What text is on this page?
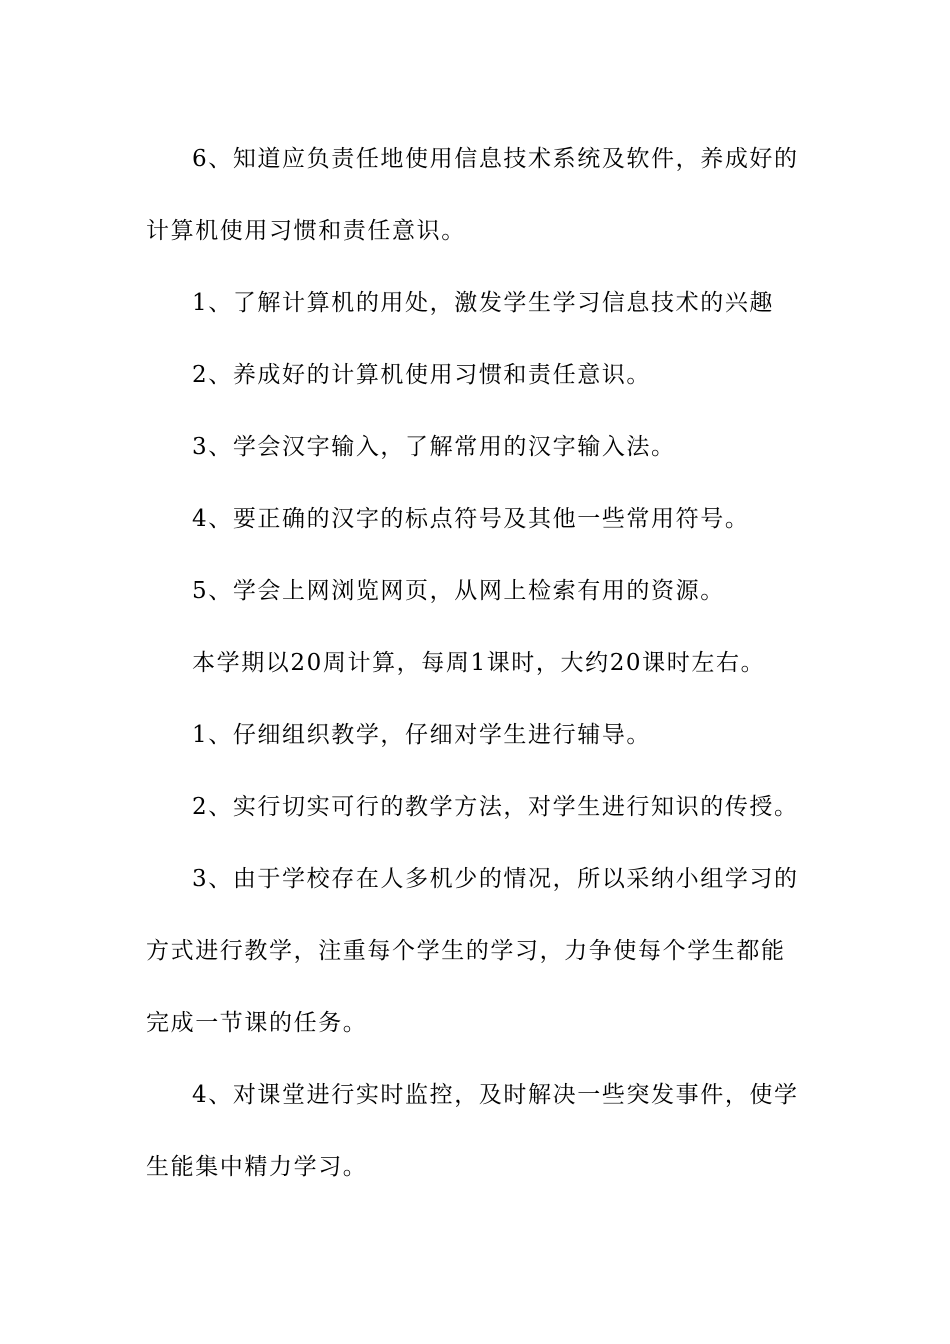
6、知道应负责任地使用信息技术系统及软件，养成好的计算机使用习惯和责任意识。

1、了解计算机的用处，激发学生学习信息技术的兴趣

2、养成好的计算机使用习惯和责任意识。

3、学会汉字输入，了解常用的汉字输入法。

4、要正确的汉字的标点符号及其他一些常用符号。

5、学会上网浏览网页，从网上检索有用的资源。

本学期以20周计算，每周1课时，大约20课时左右。

1、仔细组织教学，仔细对学生进行辅导。

2、实行切实可行的教学方法，对学生进行知识的传授。

3、由于学校存在人多机少的情况，所以采纳小组学习的方式进行教学，注重每个学生的学习，力争使每个学生都能完成一节课的任务。

4、对课堂进行实时监控，及时解决一些突发事件，使学生能集中精力学习。
